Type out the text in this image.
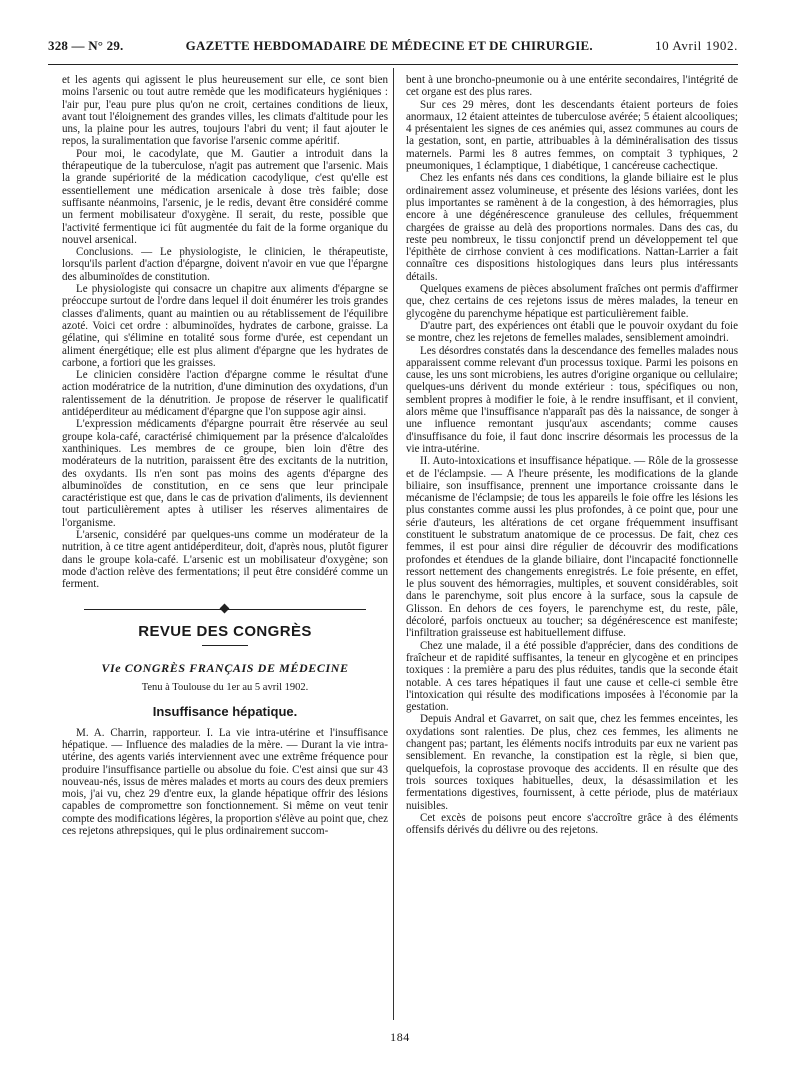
328 — N° 29.	GAZETTE HEBDOMADAIRE DE MÉDECINE ET DE CHIRURGIE.	10 Avril 1902.

et les agents qui agissent le plus heureusement sur elle, ce sont bien moins l'arsenic ou tout autre remède que les modificateurs hygiéniques : l'air pur, l'eau pure plus qu'on ne croit, certaines conditions de lieux, avant tout l'éloignement des grandes villes, les climats d'altitude pour les uns, la plaine pour les autres, toujours l'abri du vent; il faut ajouter le repos, la suralimentation que favorise l'arsenic comme apéritif.

Pour moi, le cacodylate, que M. Gautier a introduit dans la thérapeutique de la tuberculose, n'agit pas autrement que l'arsenic. Mais la grande supériorité de la médication cacodylique, c'est qu'elle est essentiellement une médication arsenicale à dose très faible; dose suffisante néanmoins, l'arsenic, je le redis, devant être considéré comme un ferment mobilisateur d'oxygène. Il serait, du reste, possible que l'activité fermentique ici fût augmentée du fait de la forme organique du nouvel arsenical.

Conclusions. — Le physiologiste, le clinicien, le thérapeutiste, lorsqu'ils parlent d'action d'épargne, doivent n'avoir en vue que l'épargne des albuminoïdes de constitution.

Le physiologiste qui consacre un chapitre aux aliments d'épargne se préoccupe surtout de l'ordre dans lequel il doit énumérer les trois grandes classes d'aliments, quant au maintien ou au rétablissement de l'équilibre azoté. Voici cet ordre : albuminoïdes, hydrates de carbone, graisse. La gélatine, qui s'élimine en totalité sous forme d'urée, est cependant un aliment énergétique; elle est plus aliment d'épargne que les hydrates de carbone, a fortiori que les graisses.

Le clinicien considère l'action d'épargne comme le résultat d'une action modératrice de la nutrition, d'une diminution des oxydations, d'un ralentissement de la dénutrition. Je propose de réserver le qualificatif antidéperditeur au médicament d'épargne que l'on suppose agir ainsi.

L'expression médicaments d'épargne pourrait être réservée au seul groupe kola-café, caractérisé chimiquement par la présence d'alcaloïdes xanthiniques. Les membres de ce groupe, bien loin d'être des modérateurs de la nutrition, paraissent être des excitants de la nutrition, des oxydants. Ils n'en sont pas moins des agents d'épargne des albuminoïdes de constitution, en ce sens que leur principale caractéristique est que, dans le cas de privation d'aliments, ils deviennent tout particulièrement aptes à utiliser les réserves alimentaires de l'organisme.

L'arsenic, considéré par quelques-uns comme un modérateur de la nutrition, à ce titre agent antidéperditeur, doit, d'après nous, plutôt figurer dans le groupe kola-café. L'arsenic est un mobilisateur d'oxygène; son mode d'action relève des fermentations; il peut être considéré comme un ferment.

REVUE DES CONGRÈS
VIe CONGRÈS FRANÇAIS DE MÉDECINE
Tenu à Toulouse du 1er au 5 avril 1902.
Insuffisance hépatique.

M. A. Charrin, rapporteur. I. La vie intra-utérine et l'insuffisance hépatique. — Influence des maladies de la mère. — Durant la vie intra-utérine, des agents variés interviennent avec une extrême fréquence pour produire l'insuffisance partielle ou absolue du foie. C'est ainsi que sur 43 nouveau-nés, issus de mères malades et morts au cours des deux premiers mois, j'ai vu, chez 29 d'entre eux, la glande hépatique offrir des lésions capables de compromettre son fonctionnement. Si même on veut tenir compte des modifications légères, la proportion s'élève au point que, chez ces rejetons athrepsiques, qui le plus ordinairement succom-

bent à une broncho-pneumonie ou à une entérite secondaires, l'intégrité de cet organe est des plus rares.

Sur ces 29 mères, dont les descendants étaient porteurs de foies anormaux, 12 étaient atteintes de tuberculose avérée; 5 étaient alcooliques; 4 présentaient les signes de ces anémies qui, assez communes au cours de la gestation, sont, en partie, attribuables à la déminéralisation des tissus maternels. Parmi les 8 autres femmes, on comptait 3 typhiques, 2 pneumoniques, 1 éclamptique, 1 diabétique, 1 cancéreuse cachectique.

Chez les enfants nés dans ces conditions, la glande biliaire est le plus ordinairement assez volumineuse, et présente des lésions variées, dont les plus importantes se ramènent à de la congestion, à des hémorragies, plus encore à une dégénérescence granuleuse des cellules, fréquemment chargées de graisse au delà des proportions normales. Dans des cas, du reste peu nombreux, le tissu conjonctif prend un développement tel que l'épithète de cirrhose convient à ces modifications. Nattan-Larrier a fait connaître ces dispositions histologiques dans leurs plus intéressants détails.

Quelques examens de pièces absolument fraîches ont permis d'affirmer que, chez certains de ces rejetons issus de mères malades, la teneur en glycogène du parenchyme hépatique est particulièrement faible.

D'autre part, des expériences ont établi que le pouvoir oxydant du foie se montre, chez les rejetons de femelles malades, sensiblement amoindri.

Les désordres constatés dans la descendance des femelles malades nous apparaissent comme relevant d'un processus toxique. Parmi les poisons en cause, les uns sont microbiens, les autres d'origine organique ou cellulaire; quelques-uns dérivent du monde extérieur : tous, spécifiques ou non, semblent propres à modifier le foie, à le rendre insuffisant, et il convient, alors même que l'insuffisance n'apparaît pas dès la naissance, de songer à une influence remontant jusqu'aux ascendants; comme causes d'insuffisance du foie, il faut donc inscrire désormais les processus de la vie intra-utérine.

II. Auto-intoxications et insuffisance hépatique. — Rôle de la grossesse et de l'éclampsie. — A l'heure présente, les modifications de la glande biliaire, son insuffisance, prennent une importance croissante dans le mécanisme de l'éclampsie; de tous les appareils le foie offre les lésions les plus constantes comme aussi les plus profondes, à ce point que, pour une série d'auteurs, les altérations de cet organe fréquemment insuffisant constituent le substratum anatomique de ce processus. De fait, chez ces femmes, il est pour ainsi dire régulier de découvrir des modifications profondes et étendues de la glande biliaire, dont l'incapacité fonctionnelle ressort nettement des changements enregistrés. Le foie présente, en effet, le plus souvent des hémorragies, multiples, et souvent considérables, soit dans le parenchyme, soit plus encore à la surface, sous la capsule de Glisson. En dehors de ces foyers, le parenchyme est, du reste, pâle, décoloré, parfois onctueux au toucher; sa dégénérescence est manifeste; l'infiltration graisseuse est habituellement diffuse.

Chez une malade, il a été possible d'apprécier, dans des conditions de fraîcheur et de rapidité suffisantes, la teneur en glycogène et en principes toxiques : la première a paru des plus réduites, tandis que la seconde était notable. A ces tares hépatiques il faut une cause et celle-ci semble être l'intoxication qui résulte des modifications imposées à l'économie par la gestation.

Depuis Andral et Gavarret, on sait que, chez les femmes enceintes, les oxydations sont ralenties. De plus, chez ces femmes, les aliments ne changent pas; partant, les éléments nocifs introduits par eux ne varient pas sensiblement. En revanche, la constipation est la règle, si bien que, quelquefois, la coprostase provoque des accidents. Il en résulte que des trois sources toxiques habituelles, deux, la désassimilation et les fermentations digestives, fournissent, à cette période, plus de matériaux nuisibles.

Cet excès de poisons peut encore s'accroître grâce à des éléments offensifs dérivés du délivre ou des rejetons.

184
